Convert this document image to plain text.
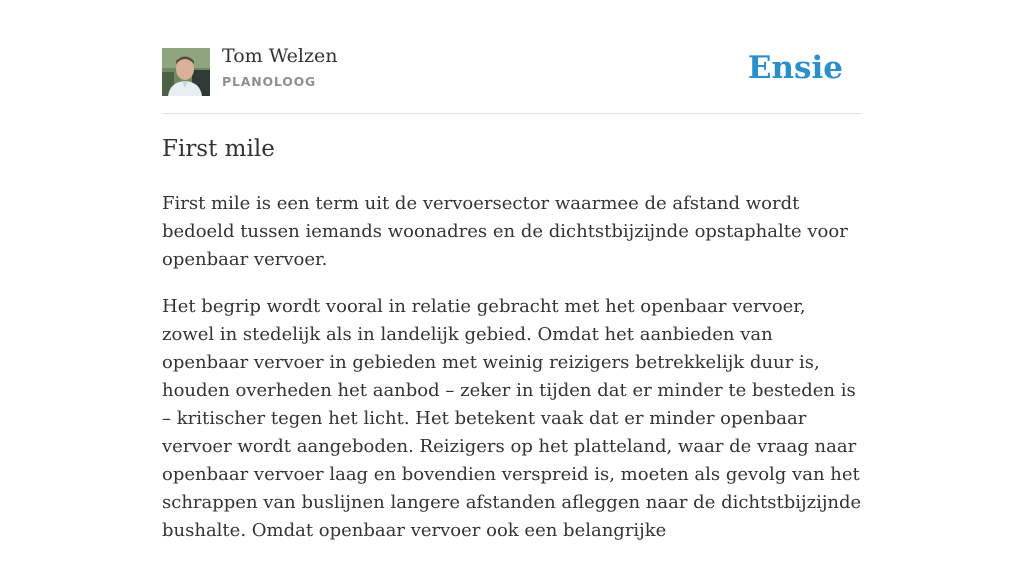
Tom Welzen
PLANOLOOG	Ensie
First mile

First mile is een term uit de vervoersector waarmee de afstand wordt bedoeld tussen iemands woonadres en de dichtstbijzijnde opstaphalte voor openbaar vervoer.

Het begrip wordt vooral in relatie gebracht met het openbaar vervoer, zowel in stedelijk als in landelijk gebied. Omdat het aanbieden van openbaar vervoer in gebieden met weinig reizigers betrekkelijk duur is, houden overheden het aanbod – zeker in tijden dat er minder te besteden is – kritischer tegen het licht. Het betekent vaak dat er minder openbaar vervoer wordt aangeboden. Reizigers op het platteland, waar de vraag naar openbaar vervoer laag en bovendien verspreid is, moeten als gevolg van het schrappen van buslijnen langere afstanden afleggen naar de dichtstbijzijnde bushalte. Omdat openbaar vervoer ook een belangrijke
